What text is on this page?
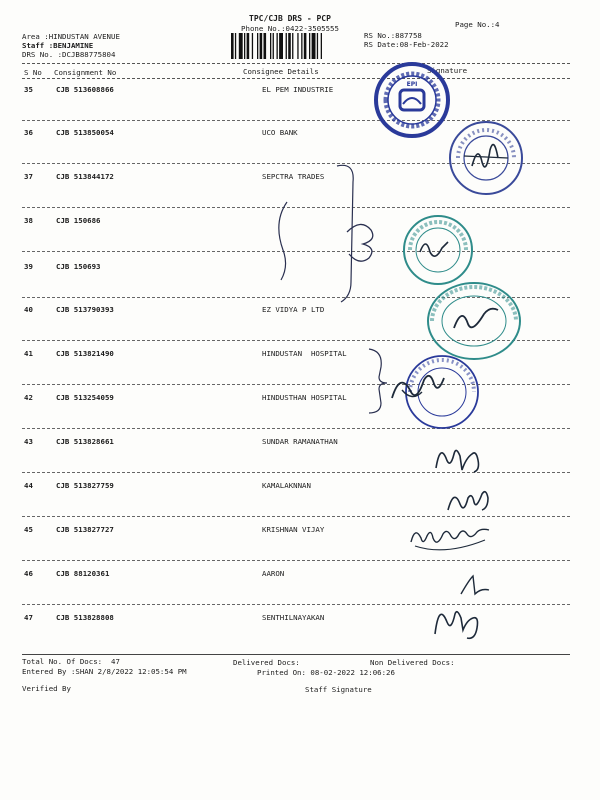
TPC/CJB DRS - PCP
Phone No.:0422-3505555	Page No.:4
Area :HINDUSTAN AVENUE
Staff :BENJAMINE
DRS No. :DCJB88775804
RS No.:887758
RS Date:08-Feb-2022
S No Consignment No	Consignee Details	Signature
35	CJB 513608866	EL PEM INDUSTRIE
36	CJB 513850054	UCO BANK
37	CJB 513844172	SEPCTRA TRADES
38	CJB 150686
39	CJB 150693
40	CJB 513790393	EZ VIDYA P LTD
41	CJB 513821490	HINDUSTAN  HOSPITAL
42	CJB 513254059	HINDUSTHAN HOSPITAL
43	CJB 513828661	SUNDAR RAMANATHAN
44	CJB 513827759	KAMALAKNNAN
45	CJB 513827727	KRISHNAN VIJAY
46	CJB 88120361	AARON
47	CJB 513828808	SENTHILNAYAKAN
Total No. Of Docs:  47	Delivered Docs:	Non Delivered Docs:
Entered By :SHAN 2/8/2022 12:05:54 PM	Printed On: 08-02-2022 12:06:26
Verified By	Staff Signature
EPI
